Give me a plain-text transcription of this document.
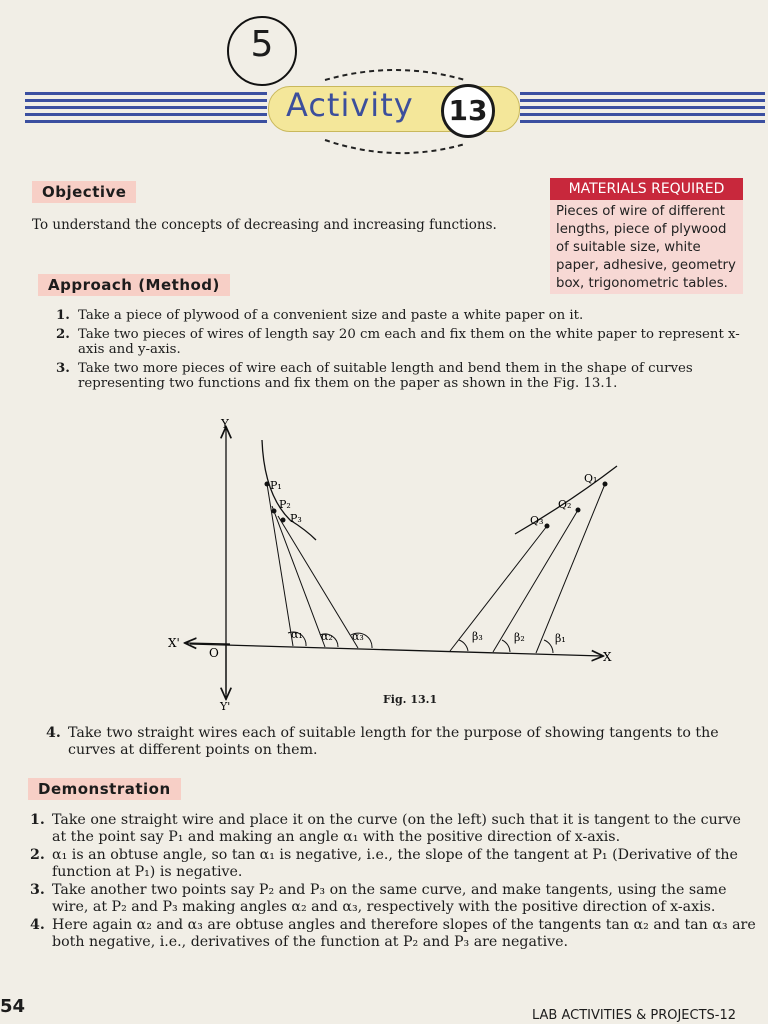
5
Activity 13
Objective
To understand the concepts of decreasing and increasing functions.
MATERIALS REQUIRED
Pieces of wire of different lengths, piece of plywood of suitable size, white paper, adhesive, geometry box, trigonometric tables.
Approach (Method)
1. Take a piece of plywood of a convenient size and paste a white paper on it.
2. Take two pieces of wires of length say 20 cm each and fix them on the white paper to represent x-axis and y-axis.
3. Take two more pieces of wire each of suitable length and bend them in the shape of curves representing two functions and fix them on the paper as shown in the Fig. 13.1.
Y
Y'
X
X'
O
P₁
P₂
P₃
Q₁
Q₂
Q₃
α₁ α₂ α₃	β₃	β₂	β₁
Fig. 13.1
4. Take two straight wires each of suitable length for the purpose of showing tangents to the curves at different points on them.
Demonstration
1. Take one straight wire and place it on the curve (on the left) such that it is tangent to the curve at the point say P₁ and making an angle α₁ with the positive direction of x-axis.
2. α₁ is an obtuse angle, so tan α₁ is negative, i.e., the slope of the tangent at P₁ (Derivative of the function at P₁) is negative.
3. Take another two points say P₂ and P₃ on the same curve, and make tangents, using the same wire, at P₂ and P₃ making angles α₂ and α₃, respectively with the positive direction of x-axis.
4. Here again α₂ and α₃ are obtuse angles and therefore slopes of the tangents tan α₂ and tan α₃ are both negative, i.e., derivatives of the function at P₂ and P₃ are negative.
54	LAB ACTIVITIES & PROJECTS-12
